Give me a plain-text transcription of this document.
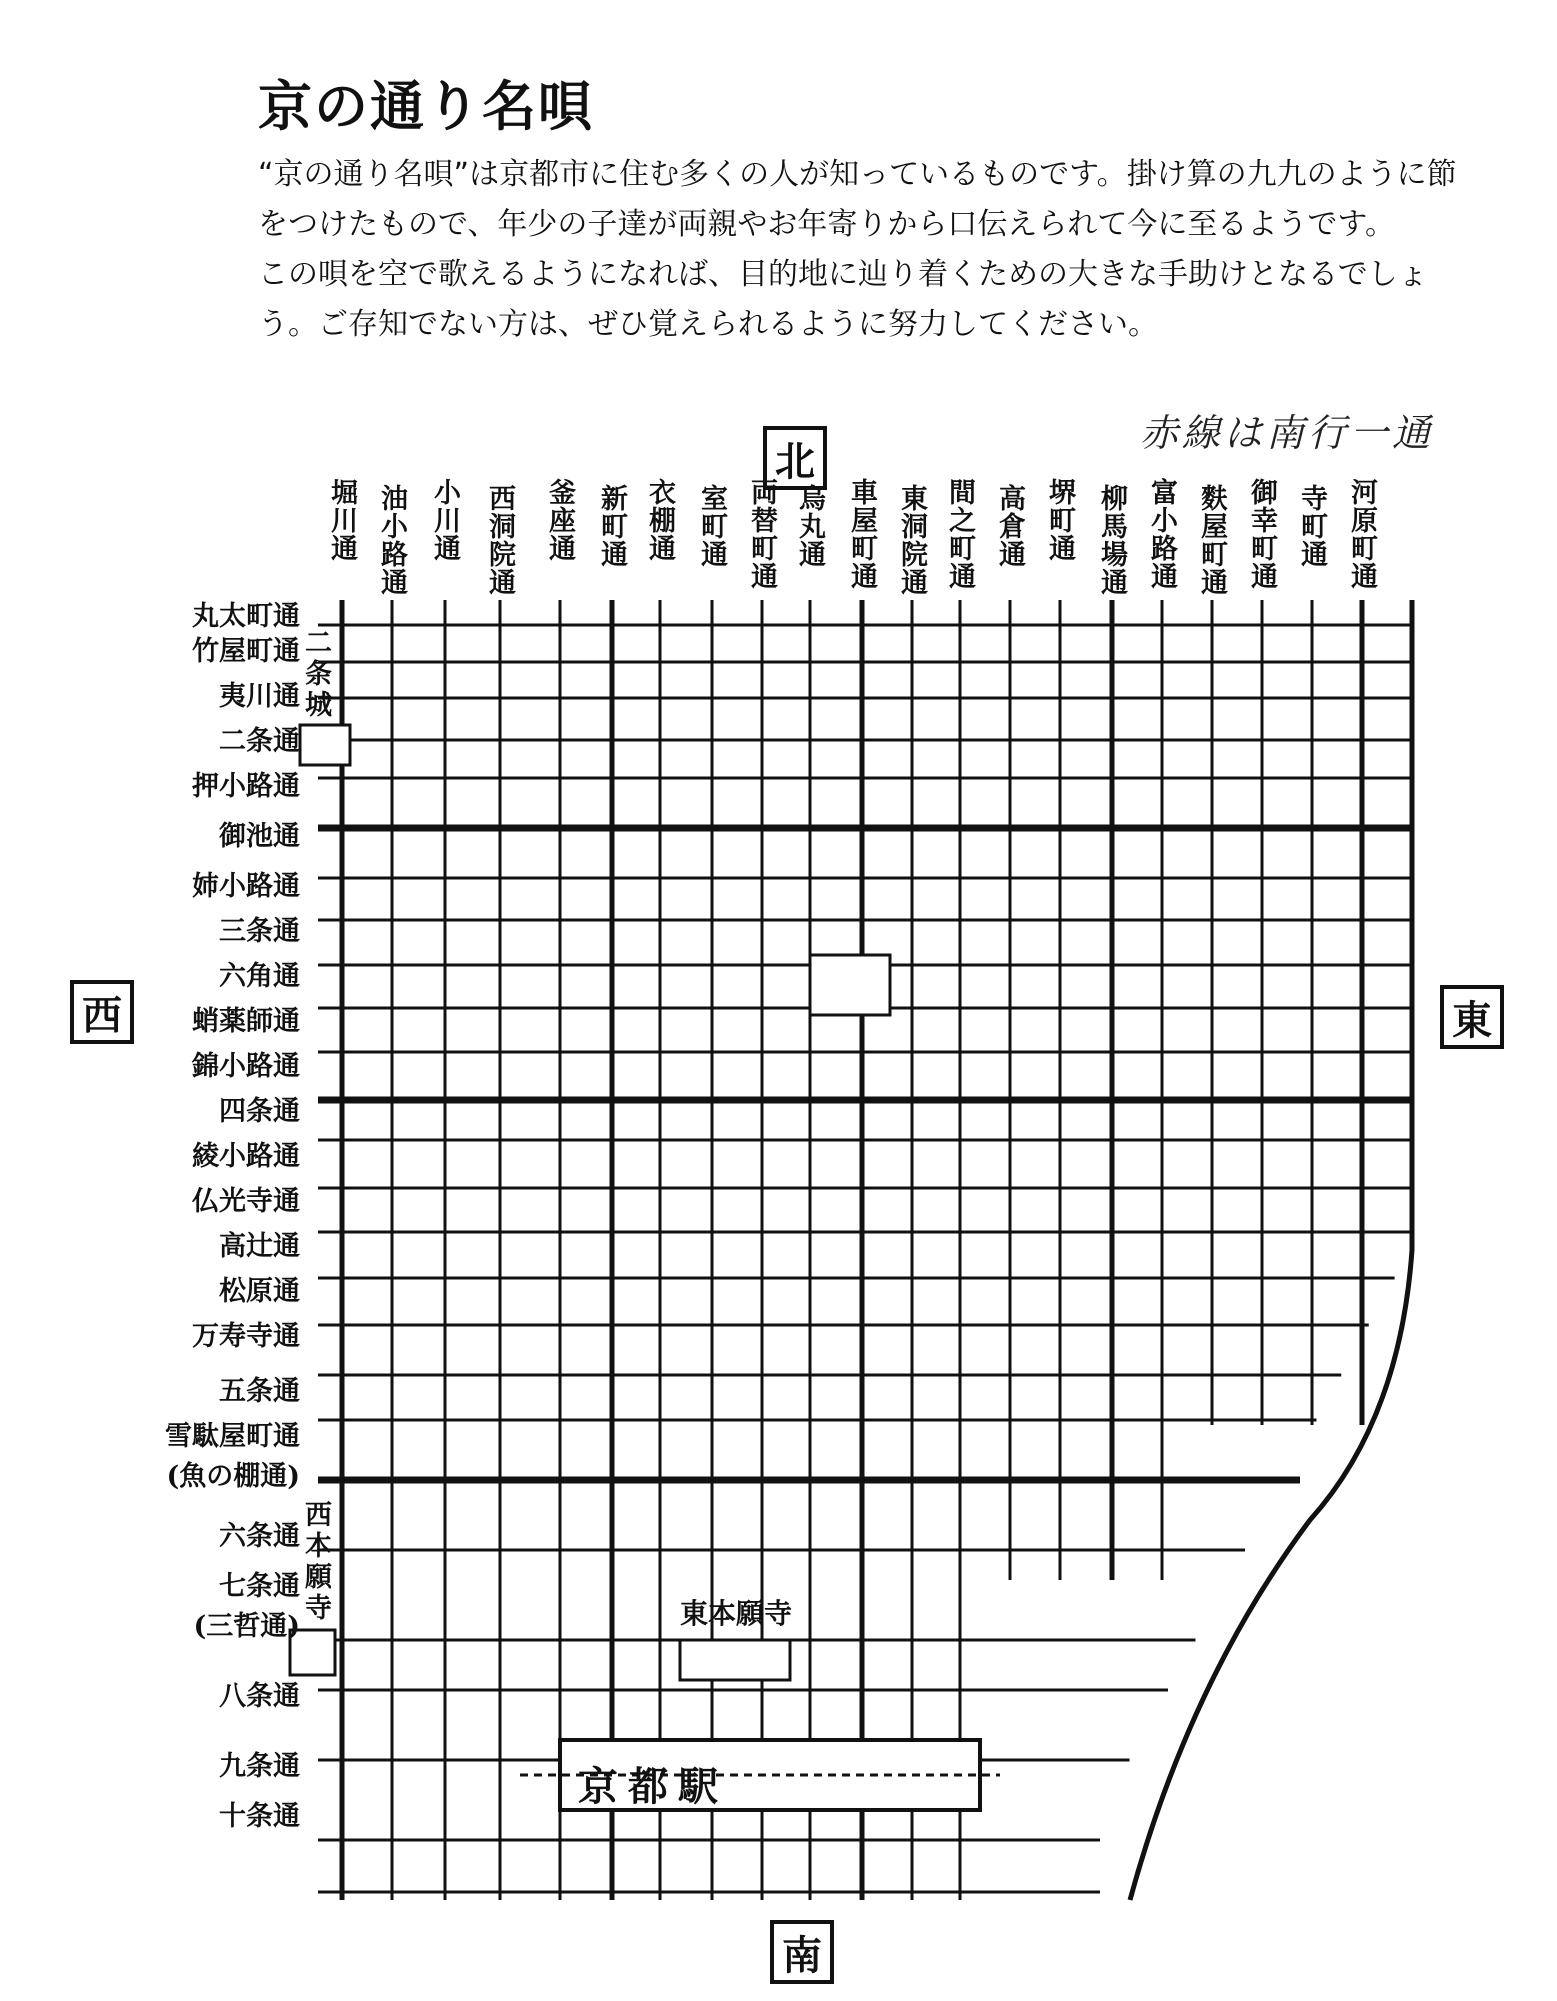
京の通り名唄

“京の通り名唄”は京都市に住む多くの人が知っているものです。掛け算の九九のように節をつけたもので、年少の子達が両親やお年寄りから口伝えられて今に至るようです。

この唄を空で歌えるようになれば、目的地に辿り着くための大きな手助けとなるでしょう。ご存知でない方は、ぜひ覚えられるように努力してください。

赤線は南行一通
北
南
西	東
堀川通 油小路通 小川通 西洞院通 釜座通 新町通 衣棚通 室町通 両替町通 烏丸通 車屋町通 東洞院通 間之町通 高倉通 堺町通 柳馬場通 富小路通 麩屋町通 御幸町通 寺町通 河原町通
丸太町通
竹屋町通
夷川通
二条通
押小路通
御池通
姉小路通
三条通
六角通
蛸薬師通
錦小路通
四条通
綾小路通
仏光寺通
高辻通
松原通
万寿寺通
五条通
雪駄屋町通
(魚の棚通)
六条通
七条通
(三哲通)
八条通
九条通
十条通
二条城
西本願寺	東本願寺
京都駅
